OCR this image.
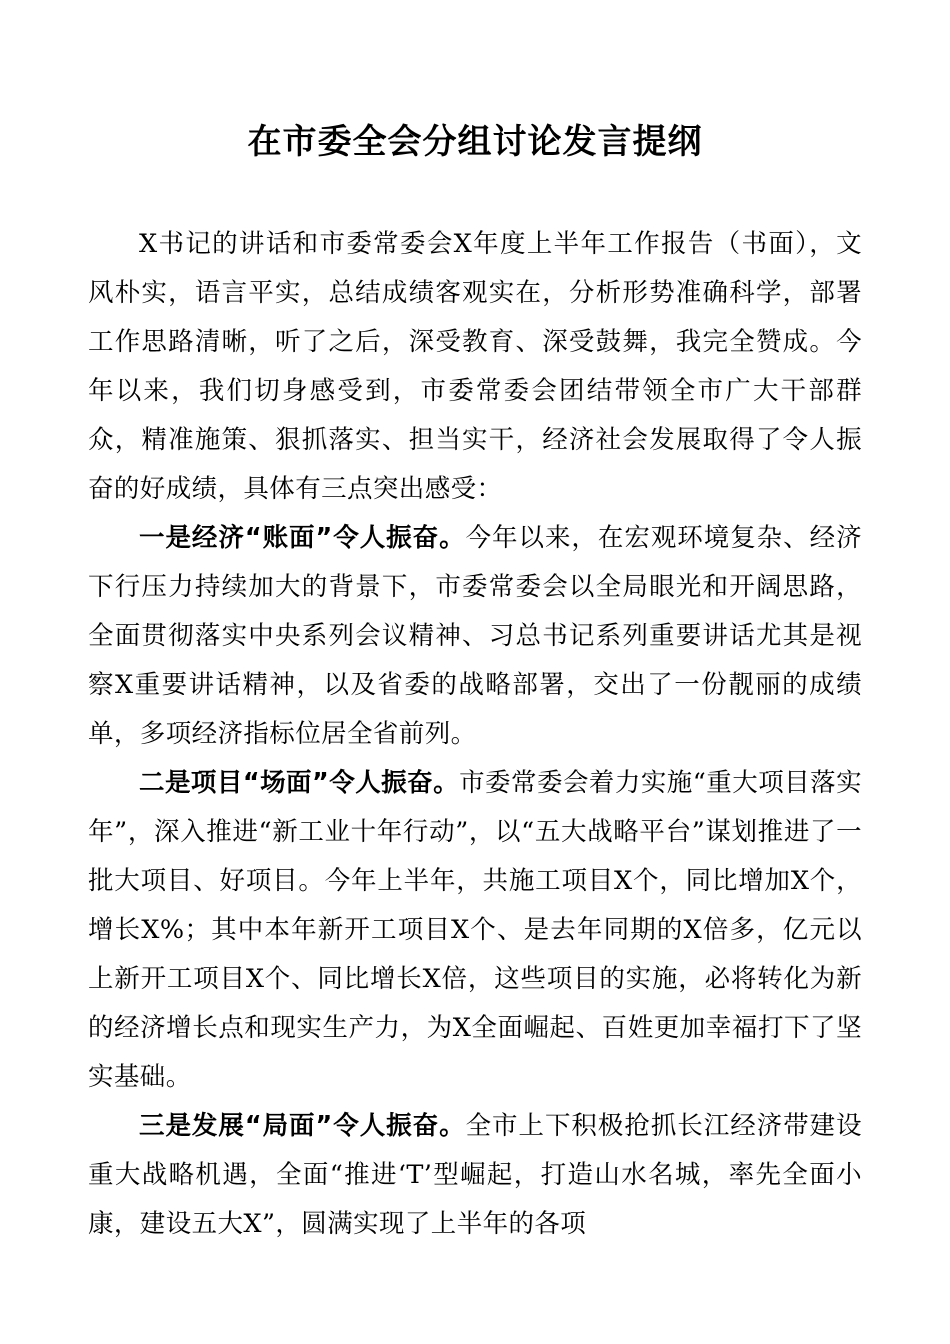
在市委全会分组讨论发言提纲

X书记的讲话和市委常委会X年度上半年工作报告（书面），文风朴实，语言平实，总结成绩客观实在，分析形势准确科学，部署工作思路清晰，听了之后，深受教育、深受鼓舞，我完全赞成。今年以来，我们切身感受到，市委常委会团结带领全市广大干部群众，精准施策、狠抓落实、担当实干，经济社会发展取得了令人振奋的好成绩，具体有三点突出感受：

一是经济“账面”令人振奋。今年以来，在宏观环境复杂、经济下行压力持续加大的背景下，市委常委会以全局眼光和开阔思路，全面贯彻落实中央系列会议精神、习总书记系列重要讲话尤其是视察X重要讲话精神，以及省委的战略部署，交出了一份靓丽的成绩单，多项经济指标位居全省前列。

二是项目“场面”令人振奋。市委常委会着力实施“重大项目落实年”，深入推进“新工业十年行动”，以“五大战略平台”谋划推进了一批大项目、好项目。今年上半年，共施工项目X个，同比增加X个，增长X%；其中本年新开工项目X个、是去年同期的X倍多，亿元以上新开工项目X个、同比增长X倍，这些项目的实施，必将转化为新的经济增长点和现实生产力，为X全面崛起、百姓更加幸福打下了坚实基础。

三是发展“局面”令人振奋。全市上下积极抢抓长江经济带建设重大战略机遇，全面“推进‘T’型崛起，打造山水名城，率先全面小康，建设五大X”，圆满实现了上半年的各项
